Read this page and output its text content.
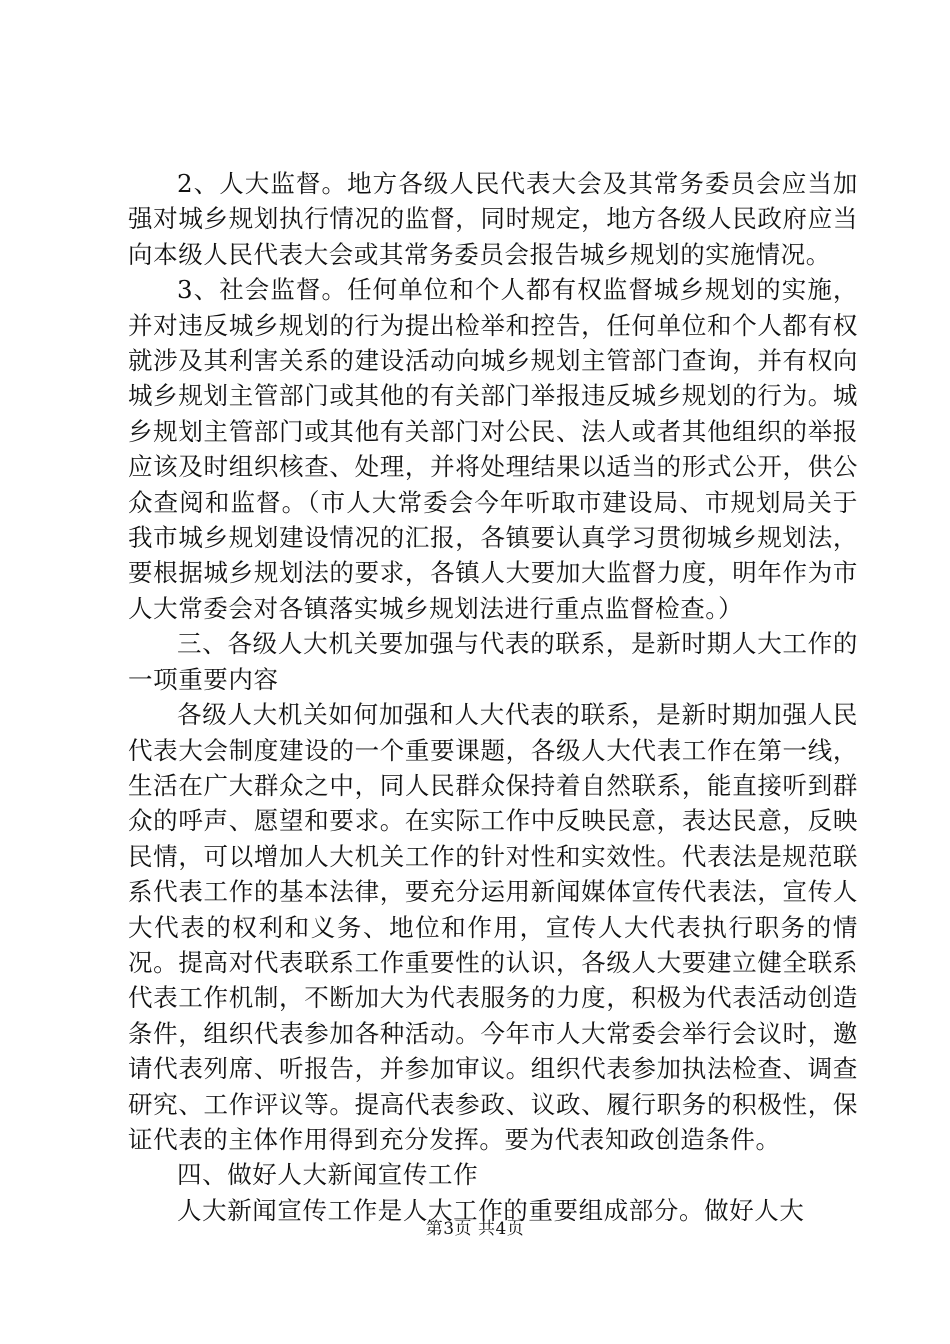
2、人大监督。地方各级人民代表大会及其常务委员会应当加强对城乡规划执行情况的监督，同时规定，地方各级人民政府应当向本级人民代表大会或其常务委员会报告城乡规划的实施情况。

3、社会监督。任何单位和个人都有权监督城乡规划的实施，并对违反城乡规划的行为提出检举和控告，任何单位和个人都有权就涉及其利害关系的建设活动向城乡规划主管部门查询，并有权向城乡规划主管部门或其他的有关部门举报违反城乡规划的行为。城乡规划主管部门或其他有关部门对公民、法人或者其他组织的举报应该及时组织核查、处理，并将处理结果以适当的形式公开，供公众查阅和监督。（市人大常委会今年听取市建设局、市规划局关于我市城乡规划建设情况的汇报，各镇要认真学习贯彻城乡规划法，要根据城乡规划法的要求，各镇人大要加大监督力度，明年作为市人大常委会对各镇落实城乡规划法进行重点监督检查。）

三、各级人大机关要加强与代表的联系，是新时期人大工作的一项重要内容

各级人大机关如何加强和人大代表的联系，是新时期加强人民代表大会制度建设的一个重要课题，各级人大代表工作在第一线，生活在广大群众之中，同人民群众保持着自然联系，能直接听到群众的呼声、愿望和要求。在实际工作中反映民意，表达民意，反映民情，可以增加人大机关工作的针对性和实效性。代表法是规范联系代表工作的基本法律，要充分运用新闻媒体宣传代表法，宣传人大代表的权利和义务、地位和作用，宣传人大代表执行职务的情况。提高对代表联系工作重要性的认识，各级人大要建立健全联系代表工作机制，不断加大为代表服务的力度，积极为代表活动创造条件，组织代表参加各种活动。今年市人大常委会举行会议时，邀请代表列席、听报告，并参加审议。组织代表参加执法检查、调查研究、工作评议等。提高代表参政、议政、履行职务的积极性，保证代表的主体作用得到充分发挥。要为代表知政创造条件。

四、做好人大新闻宣传工作

人大新闻宣传工作是人大工作的重要组成部分。做好人大

第3页 共4页
